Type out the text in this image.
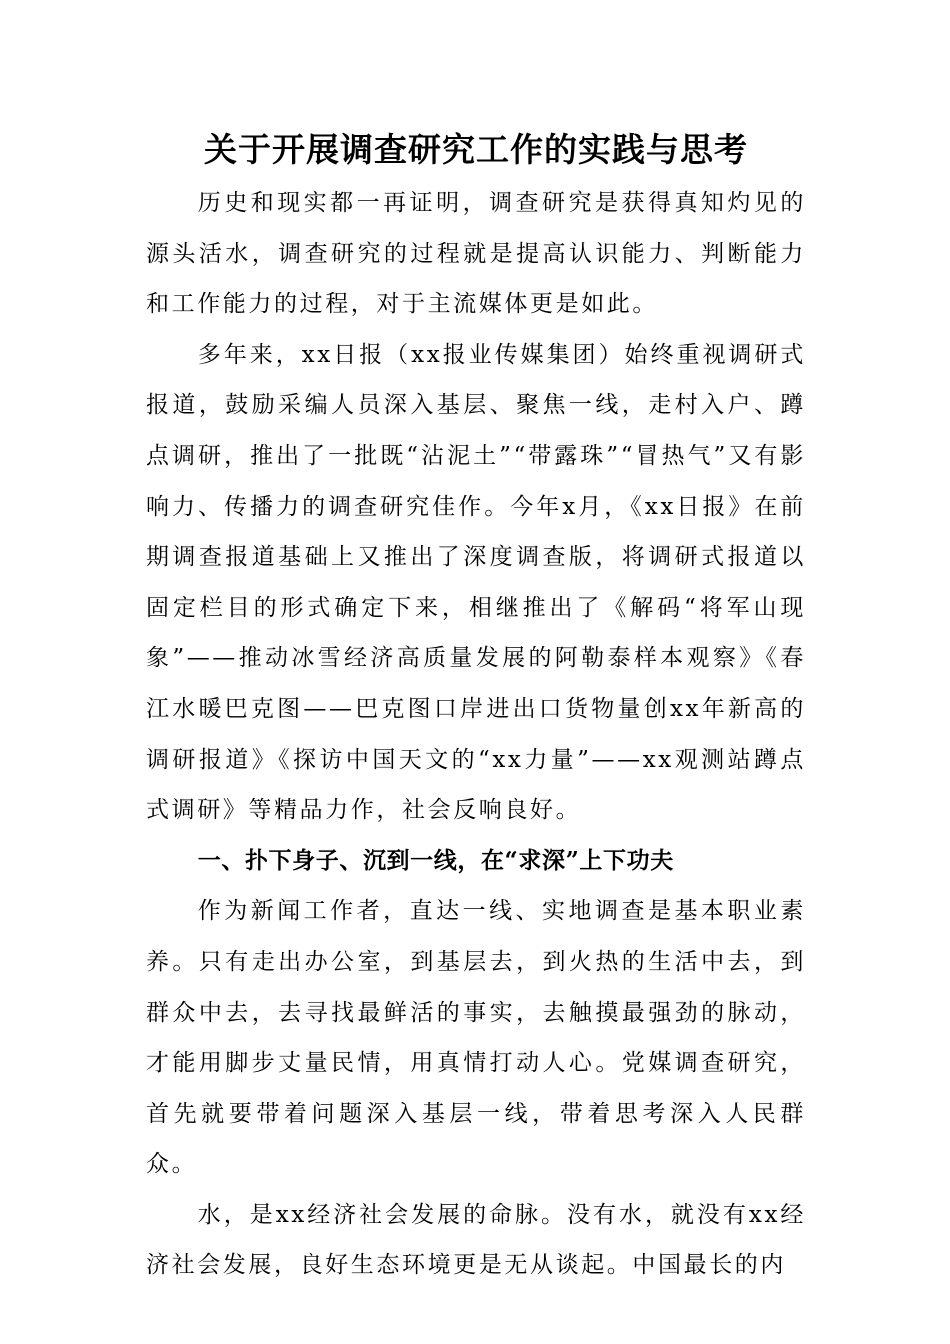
关于开展调查研究工作的实践与思考

历史和现实都一再证明，调查研究是获得真知灼见的源头活水，调查研究的过程就是提高认识能力、判断能力和工作能力的过程，对于主流媒体更是如此。

多年来，xx日报（xx报业传媒集团）始终重视调研式报道，鼓励采编人员深入基层、聚焦一线，走村入户、蹲点调研，推出了一批既“沾泥土”“带露珠”“冒热气”又有影响力、传播力的调查研究佳作。今年x月，《xx日报》在前期调查报道基础上又推出了深度调查版，将调研式报道以固定栏目的形式确定下来，相继推出了《解码“将军山现象”——推动冰雪经济高质量发展的阿勒泰样本观察》《春江水暖巴克图——巴克图口岸进出口货物量创xx年新高的调研报道》《探访中国天文的“xx力量”——xx观测站蹲点式调研》等精品力作，社会反响良好。

一、扑下身子、沉到一线，在“求深”上下功夫

作为新闻工作者，直达一线、实地调查是基本职业素养。只有走出办公室，到基层去，到火热的生活中去，到群众中去，去寻找最鲜活的事实，去触摸最强劲的脉动，才能用脚步丈量民情，用真情打动人心。党媒调查研究，首先就要带着问题深入基层一线，带着思考深入人民群众。

水，是xx经济社会发展的命脉。没有水，就没有xx经济社会发展，良好生态环境更是无从谈起。中国最长的内
